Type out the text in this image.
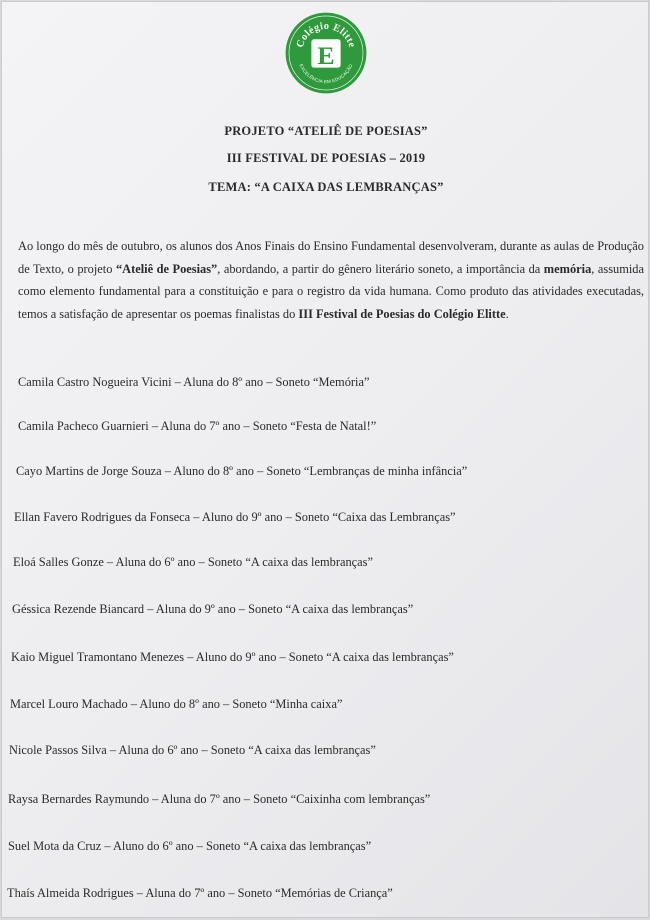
Colégio Elitte
EXCELÊNCIA EM EDUCAÇÃO
E
PROJETO “ATELIÊ DE POESIAS”
III FESTIVAL DE POESIAS – 2019
TEMA: “A CAIXA DAS LEMBRANÇAS”
Ao longo do mês de outubro, os alunos dos Anos Finais do Ensino Fundamental desenvolveram, durante as aulas de Produção de Texto, o projeto “Ateliê de Poesias”, abordando, a partir do gênero literário soneto, a importância da memória, assumida como elemento fundamental para a constituição e para o registro da vida humana. Como produto das atividades executadas, temos a satisfação de apresentar os poemas finalistas do III Festival de Poesias do Colégio Elitte.
Camila Castro Nogueira Vicini – Aluna do 8º ano – Soneto “Memória”
Camila Pacheco Guarnieri – Aluna do 7º ano – Soneto “Festa de Natal!”
Cayo Martins de Jorge Souza – Aluno do 8º ano – Soneto “Lembranças de minha infância”
Ellan Favero Rodrigues da Fonseca – Aluno do 9º ano – Soneto “Caixa das Lembranças”
Eloá Salles Gonze – Aluna do 6º ano – Soneto “A caixa das lembranças”
Géssica Rezende Biancard – Aluna do 9º ano – Soneto “A caixa das lembranças”
Kaio Miguel Tramontano Menezes – Aluno do 9º ano – Soneto “A caixa das lembranças”
Marcel Louro Machado – Aluno do 8º ano – Soneto “Minha caixa”
Nicole Passos Silva – Aluna do 6º ano – Soneto “A caixa das lembranças”
Raysa Bernardes Raymundo – Aluna do 7º ano – Soneto “Caixinha com lembranças”
Suel Mota da Cruz – Aluno do 6º ano – Soneto “A caixa das lembranças”
Thaís Almeida Rodrigues – Aluna do 7º ano – Soneto “Memórias de Criança”
